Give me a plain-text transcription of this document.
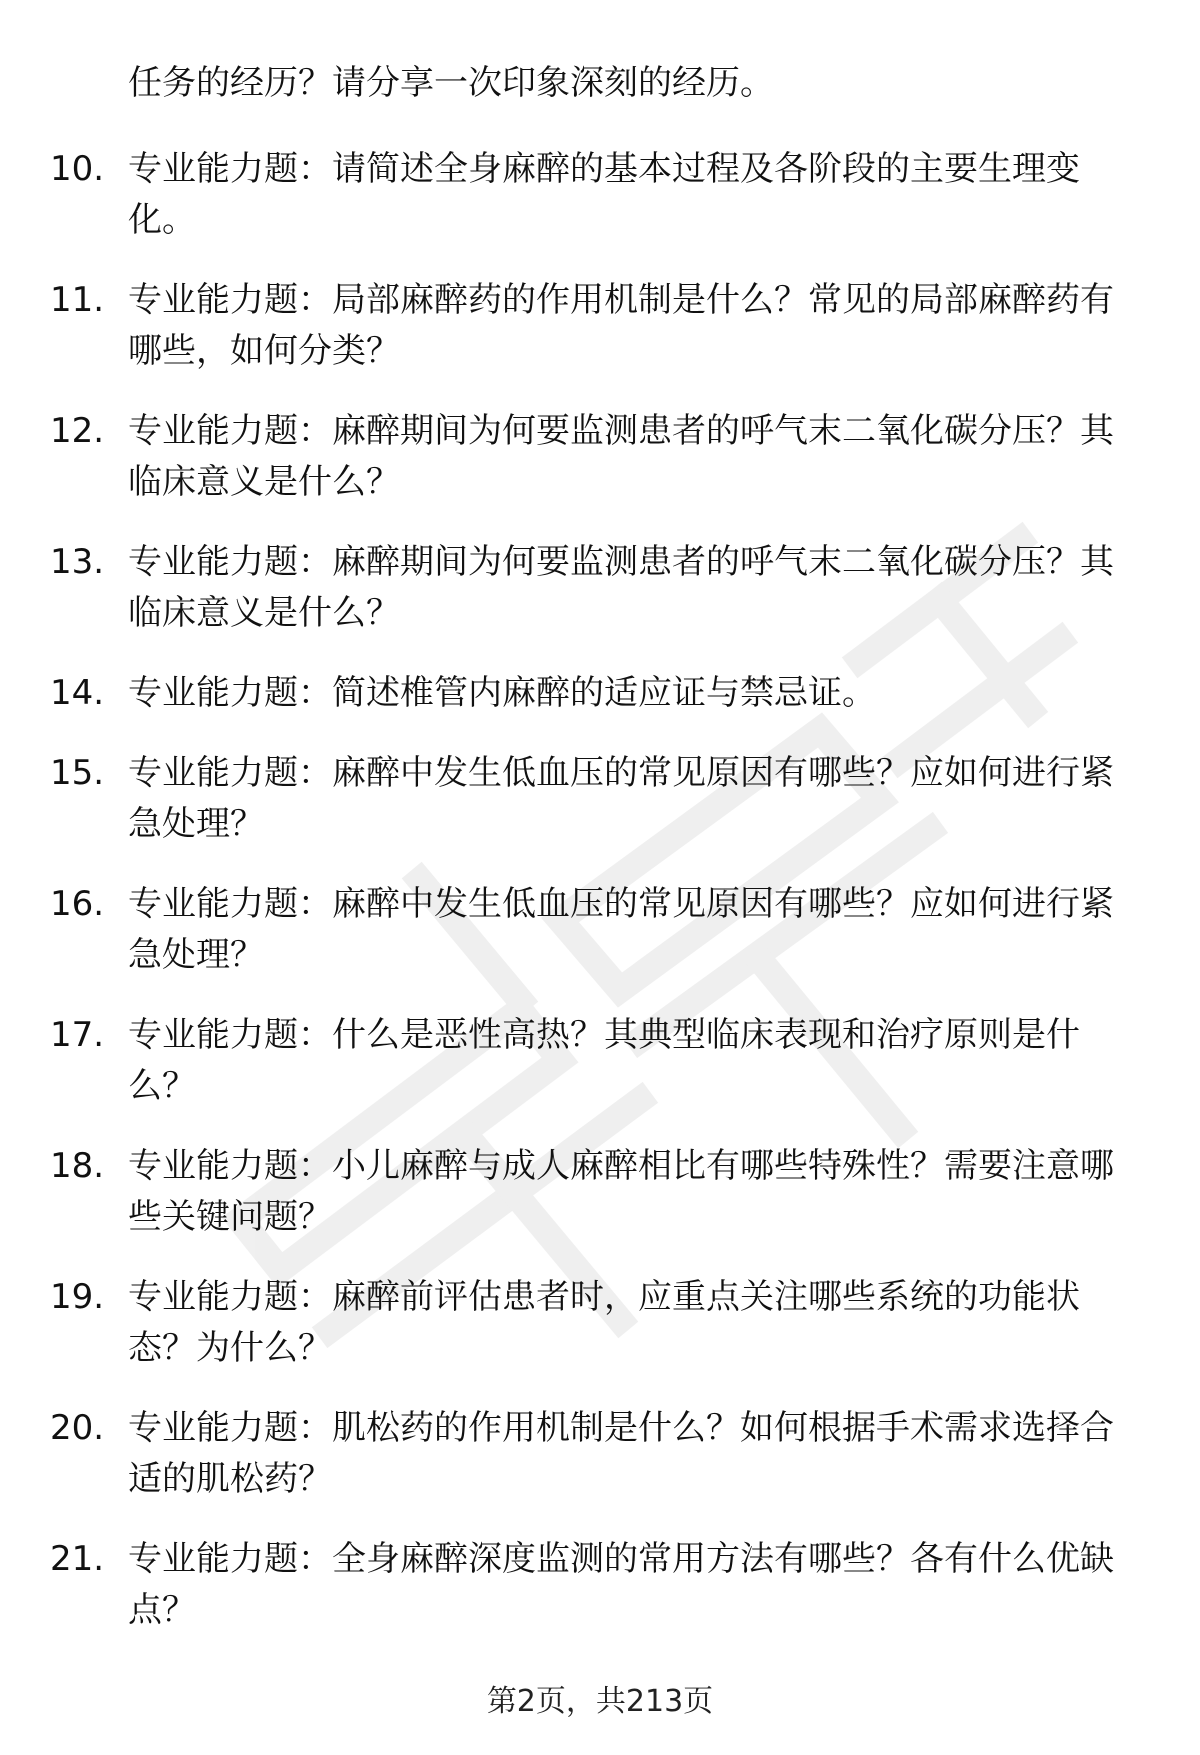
任务的经历？请分享一次印象深刻的经历。
10. 专业能力题：请简述全身麻醉的基本过程及各阶段的主要生理变化。
11. 专业能力题：局部麻醉药的作用机制是什么？常见的局部麻醉药有哪些，如何分类？
12. 专业能力题：麻醉期间为何要监测患者的呼气末二氧化碳分压？其临床意义是什么？
13. 专业能力题：麻醉期间为何要监测患者的呼气末二氧化碳分压？其临床意义是什么？
14. 专业能力题：简述椎管内麻醉的适应证与禁忌证。
15. 专业能力题：麻醉中发生低血压的常见原因有哪些？应如何进行紧急处理？
16. 专业能力题：麻醉中发生低血压的常见原因有哪些？应如何进行紧急处理？
17. 专业能力题：什么是恶性高热？其典型临床表现和治疗原则是什么？
18. 专业能力题：小儿麻醉与成人麻醉相比有哪些特殊性？需要注意哪些关键问题？
19. 专业能力题：麻醉前评估患者时，应重点关注哪些系统的功能状态？为什么？
20. 专业能力题：肌松药的作用机制是什么？如何根据手术需求选择合适的肌松药？
21. 专业能力题：全身麻醉深度监测的常用方法有哪些？各有什么优缺点？
第2页，共213页
